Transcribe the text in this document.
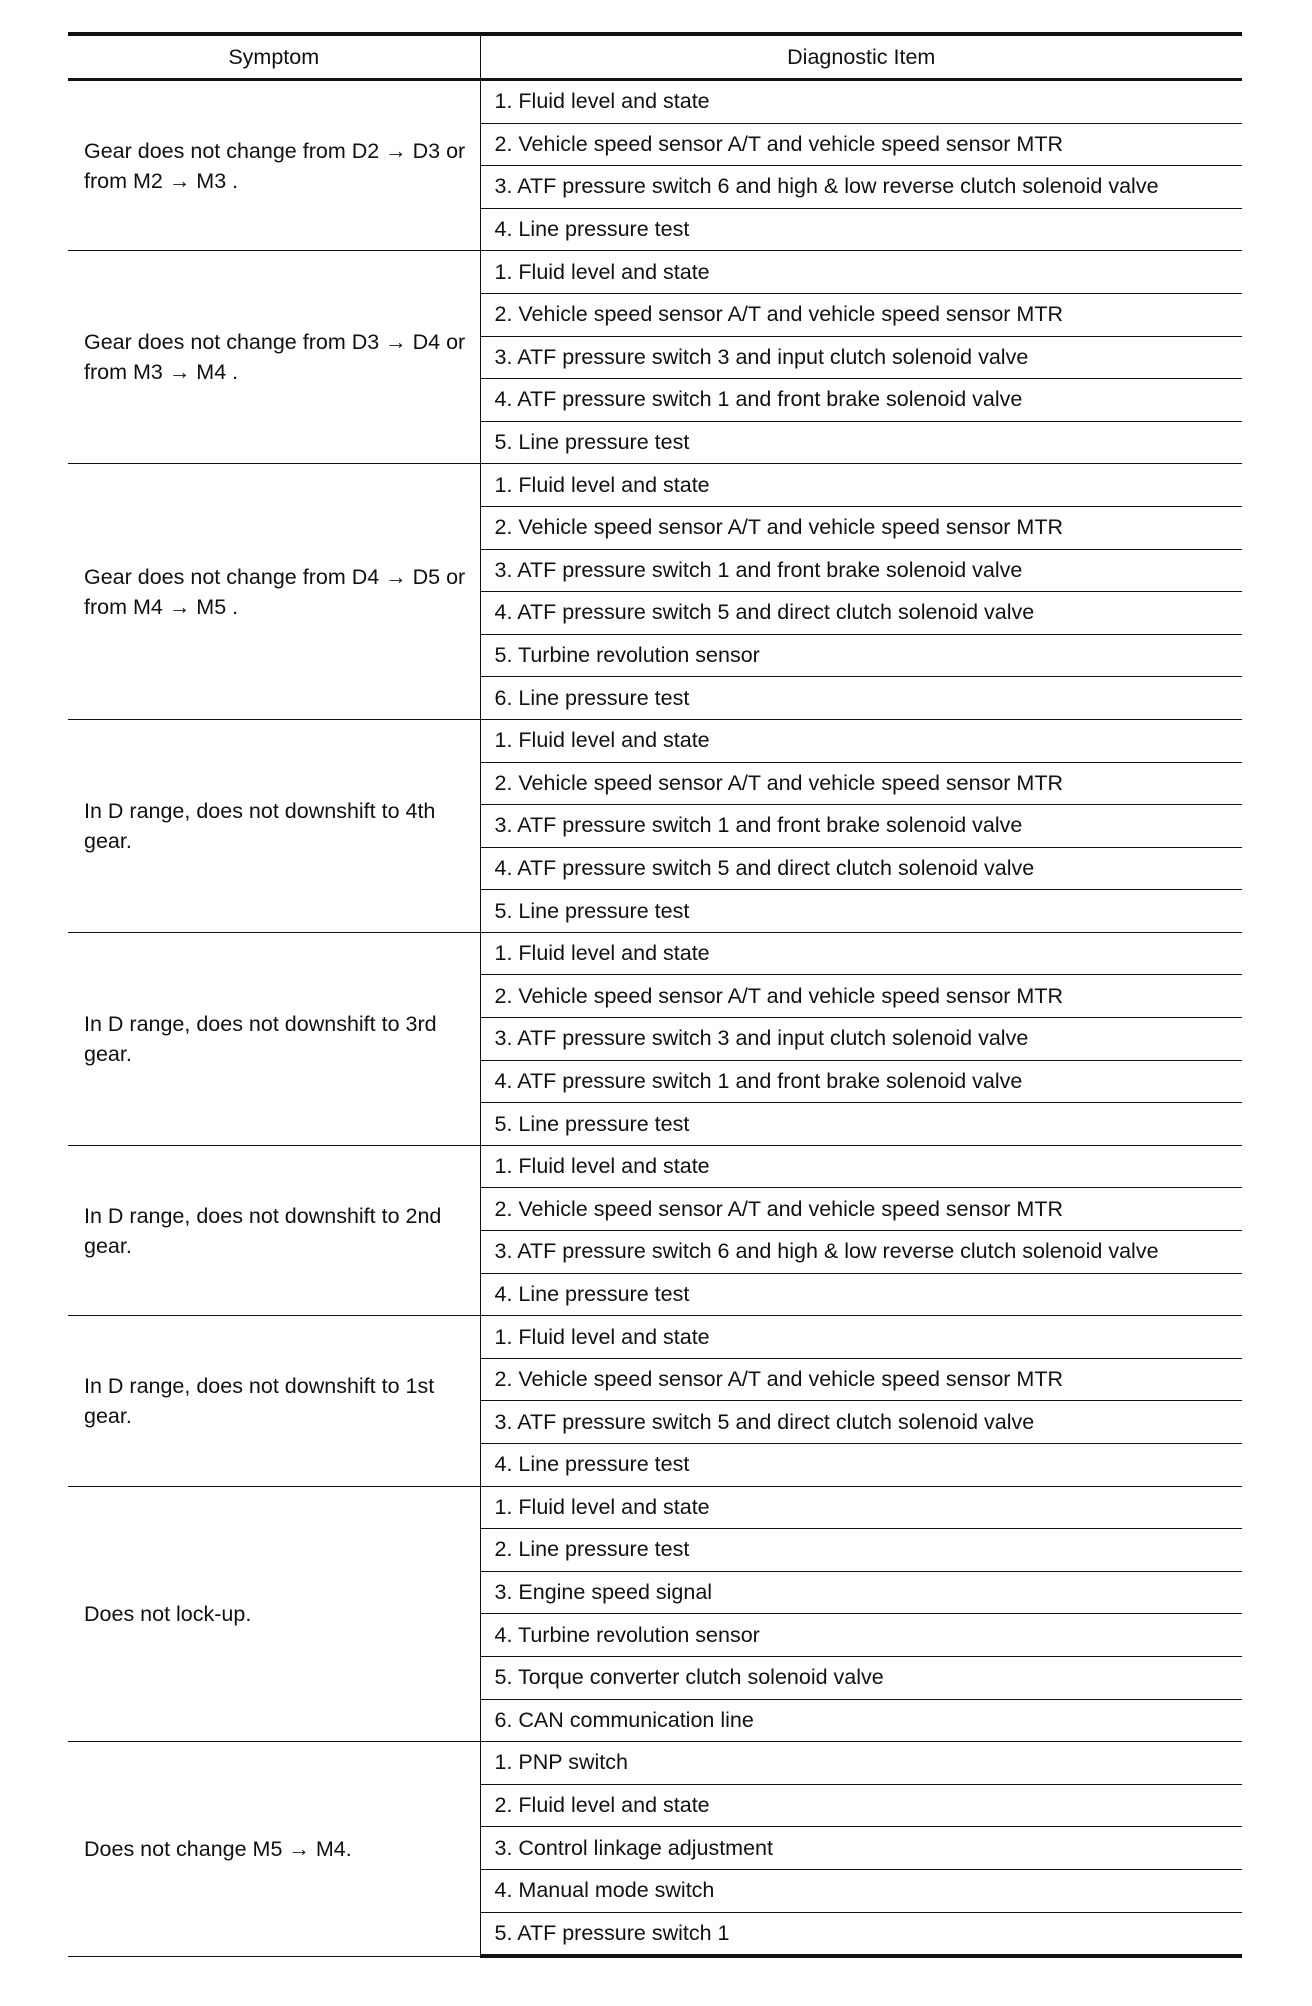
Symptom	Diagnostic Item
Gear does not change from D2 → D3 or from M2 → M3 .	1. Fluid level and state
	2. Vehicle speed sensor A/T and vehicle speed sensor MTR
	3. ATF pressure switch 6 and high & low reverse clutch solenoid valve
	4. Line pressure test
Gear does not change from D3 → D4 or from M3 → M4 .	1. Fluid level and state
	2. Vehicle speed sensor A/T and vehicle speed sensor MTR
	3. ATF pressure switch 3 and input clutch solenoid valve
	4. ATF pressure switch 1 and front brake solenoid valve
	5. Line pressure test
Gear does not change from D4 → D5 or from M4 → M5 .	1. Fluid level and state
	2. Vehicle speed sensor A/T and vehicle speed sensor MTR
	3. ATF pressure switch 1 and front brake solenoid valve
	4. ATF pressure switch 5 and direct clutch solenoid valve
	5. Turbine revolution sensor
	6. Line pressure test
In D range, does not downshift to 4th gear.	1. Fluid level and state
	2. Vehicle speed sensor A/T and vehicle speed sensor MTR
	3. ATF pressure switch 1 and front brake solenoid valve
	4. ATF pressure switch 5 and direct clutch solenoid valve
	5. Line pressure test
In D range, does not downshift to 3rd gear.	1. Fluid level and state
	2. Vehicle speed sensor A/T and vehicle speed sensor MTR
	3. ATF pressure switch 3 and input clutch solenoid valve
	4. ATF pressure switch 1 and front brake solenoid valve
	5. Line pressure test
In D range, does not downshift to 2nd gear.	1. Fluid level and state
	2. Vehicle speed sensor A/T and vehicle speed sensor MTR
	3. ATF pressure switch 6 and high & low reverse clutch solenoid valve
	4. Line pressure test
In D range, does not downshift to 1st gear.	1. Fluid level and state
	2. Vehicle speed sensor A/T and vehicle speed sensor MTR
	3. ATF pressure switch 5 and direct clutch solenoid valve
	4. Line pressure test
Does not lock-up.	1. Fluid level and state
	2. Line pressure test
	3. Engine speed signal
	4. Turbine revolution sensor
	5. Torque converter clutch solenoid valve
	6. CAN communication line
Does not change M5 → M4.	1. PNP switch
	2. Fluid level and state
	3. Control linkage adjustment
	4. Manual mode switch
	5. ATF pressure switch 1
